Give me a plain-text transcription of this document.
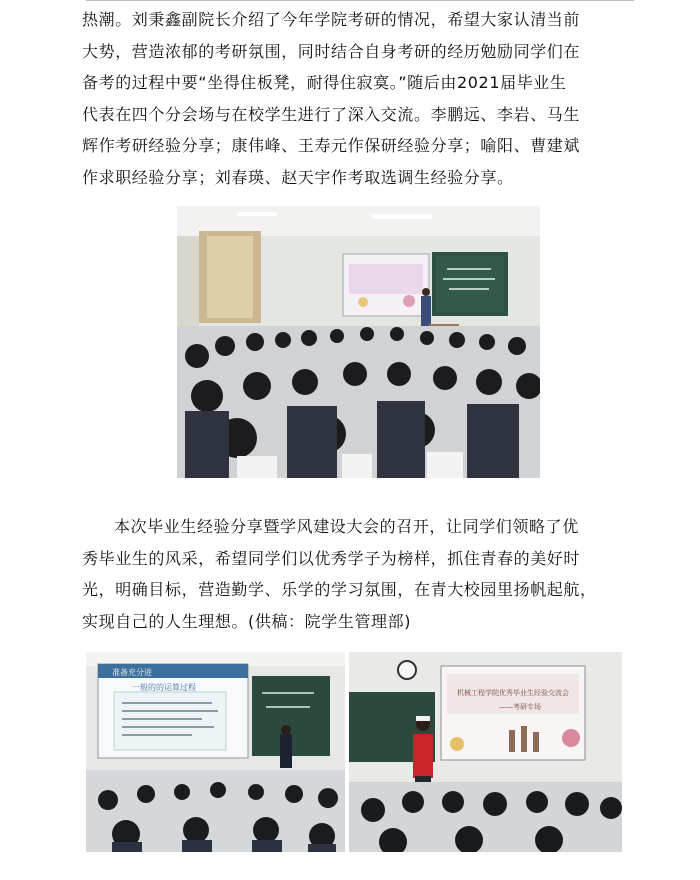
热潮。刘秉鑫副院长介绍了今年学院考研的情况，希望大家认清当前
大势，营造浓郁的考研氛围，同时结合自身考研的经历勉励同学们在
备考的过程中要“坐得住板凳，耐得住寂寞。”随后由2021届毕业生
代表在四个分会场与在校学生进行了深入交流。李鹏远、李岩、马生
辉作考研经验分享；康伟峰、王寿元作保研经验分享；喻阳、曹建斌
作求职经验分享；刘春瑛、赵天宇作考取选调生经验分享。
本次毕业生经验分享暨学风建设大会的召开，让同学们领略了优
秀毕业生的风采，希望同学们以优秀学子为榜样，抓住青春的美好时
光，明确目标，营造勤学、乐学的学习氛围，在青大校园里扬帆起航，
实现自己的人生理想。(供稿：院学生管理部)
准备充分进
一般的的运算过程
机械工程学院优秀毕业生经验交流会
——考研专场
